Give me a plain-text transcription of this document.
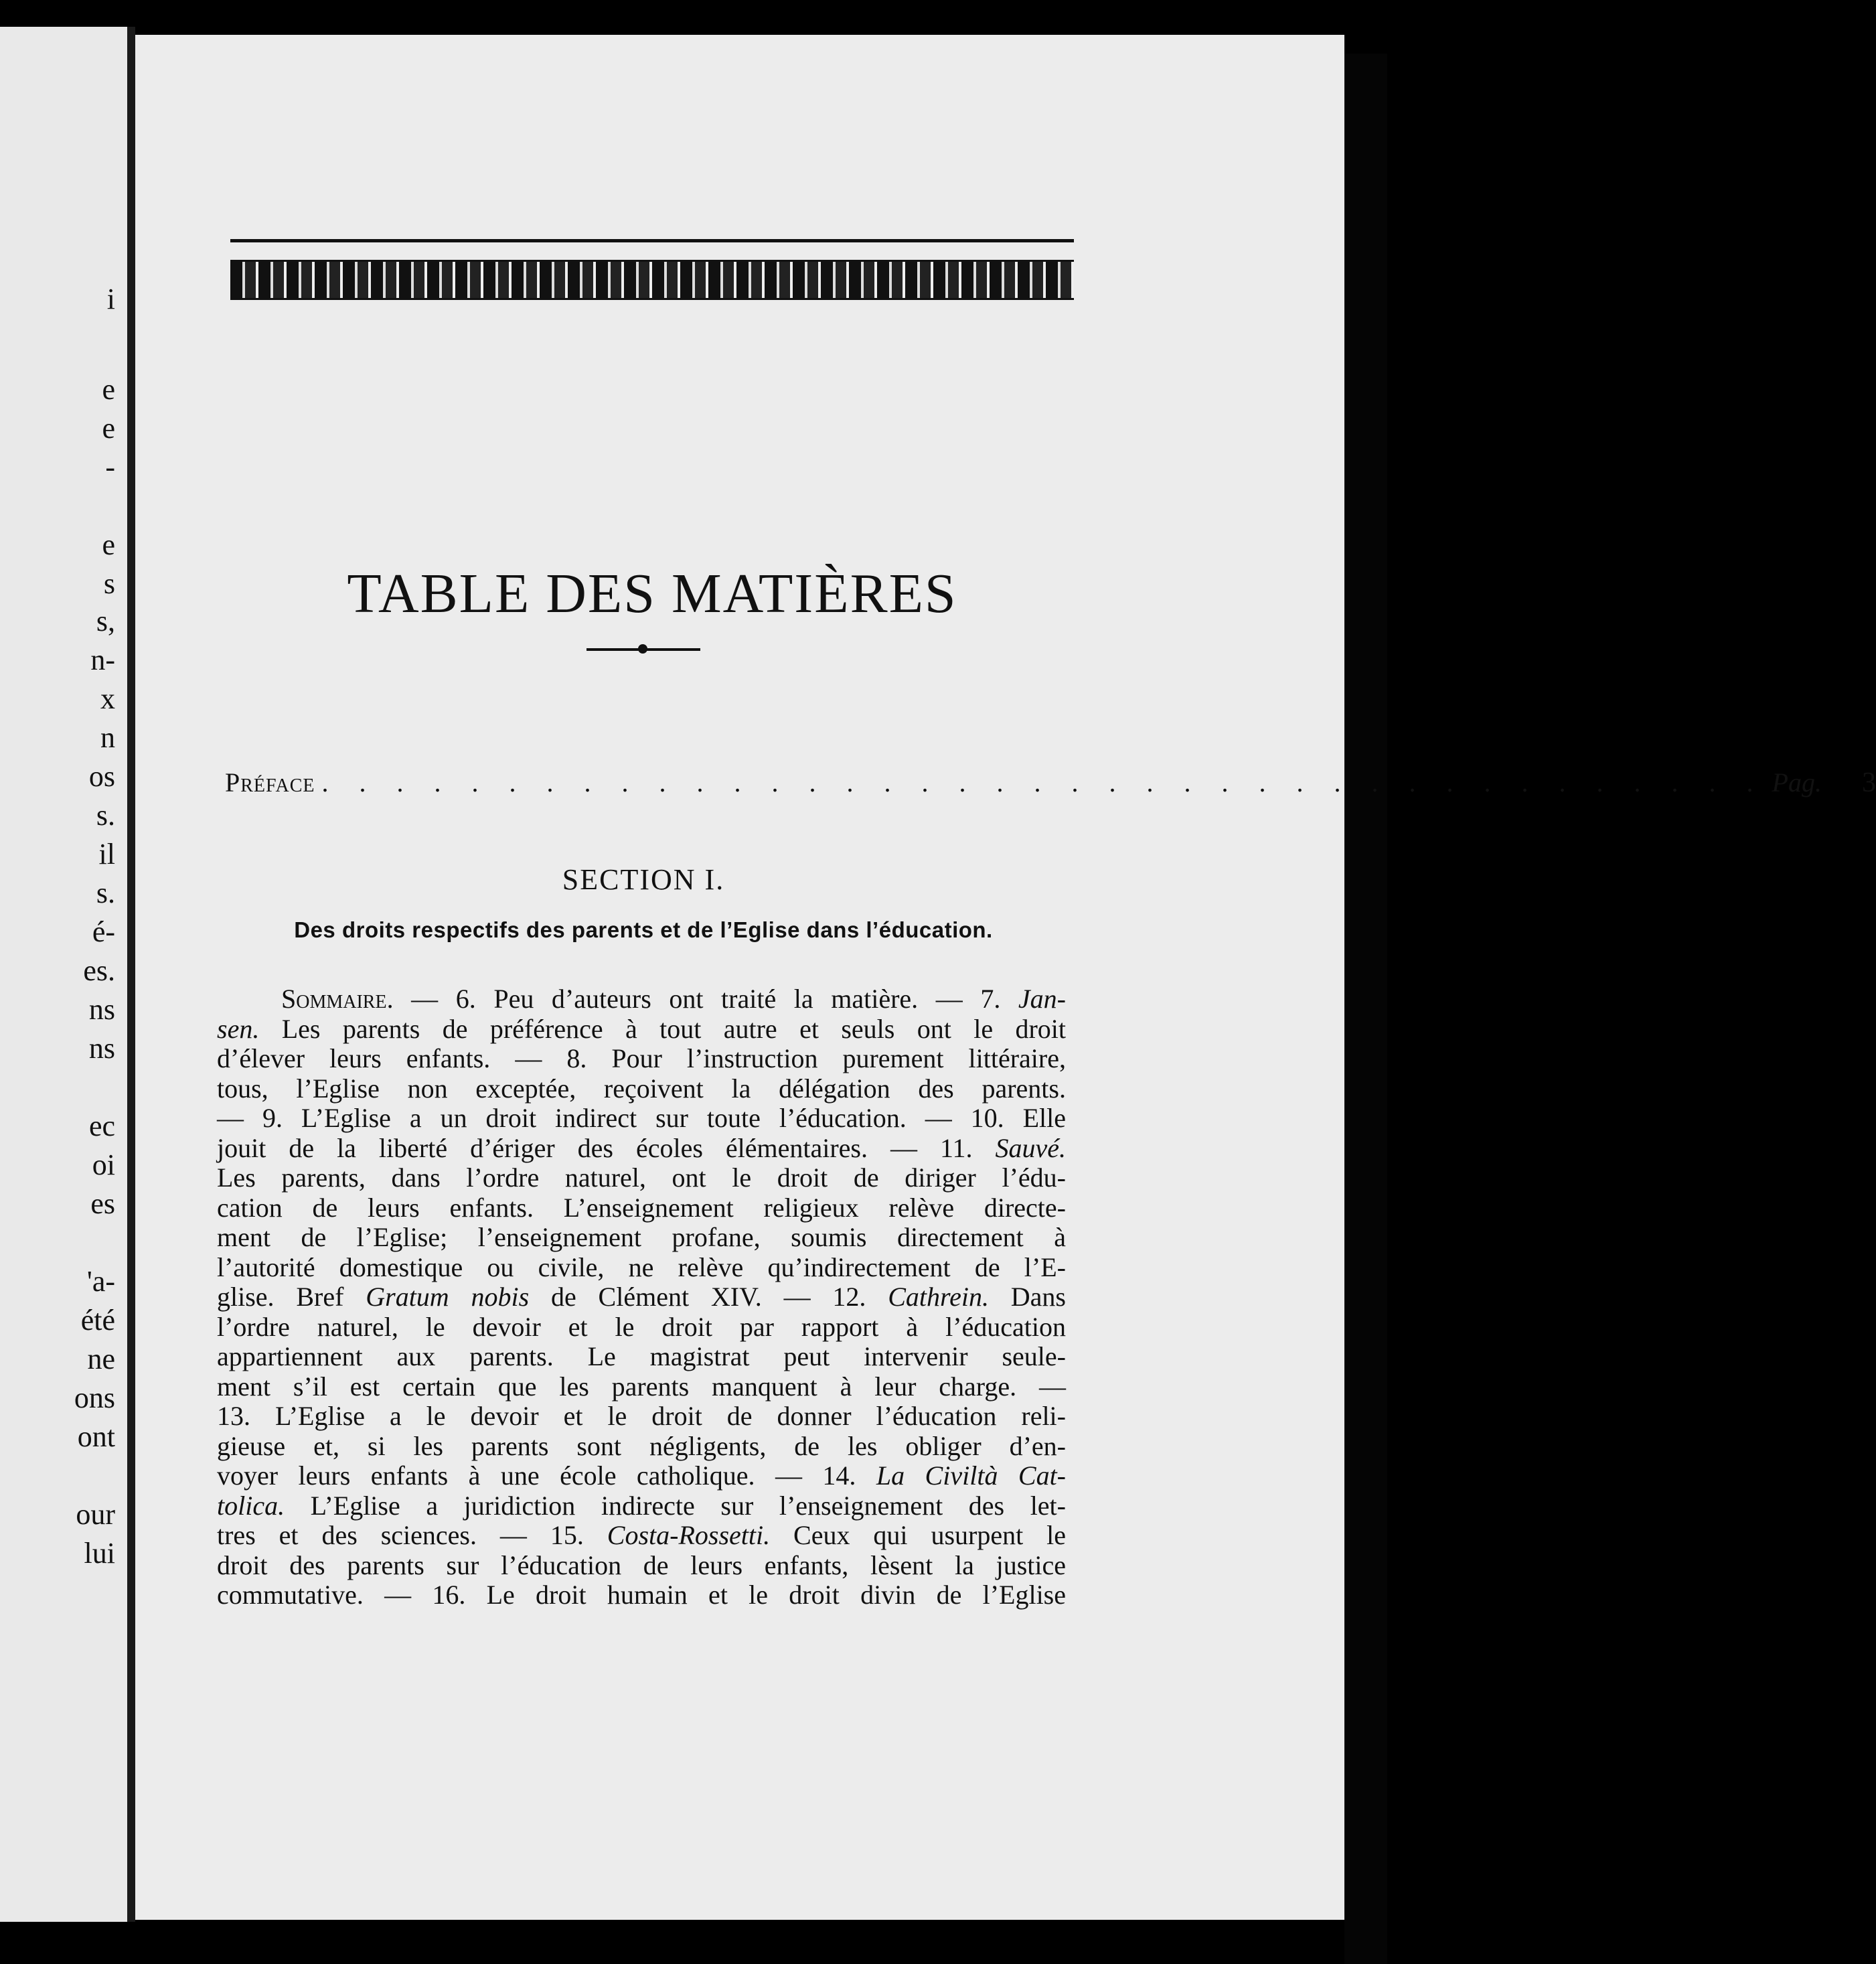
i
e
e
-
e
s
s,
n-
x
n
os
s.
il
s.
é-
es.
ns
ns
ec
oi
es
'a-
été
ne
ons
ont
our
lui
TABLE DES MATIÈRES
Préface . . . . . . . . . . . . . . . . . . . . . . . . . . . . . . . . . . . . . . . Pag. 3
SECTION I.
Des droits respectifs des parents et de l’Eglise dans l’éducation.
Sommaire. — 6. Peu d’auteurs ont traité la matière. — 7. Jan-
sen. Les parents de préférence à tout autre et seuls ont le droit
d’élever leurs enfants. — 8. Pour l’instruction purement littéraire,
tous, l’Eglise non exceptée, reçoivent la délégation des parents.
— 9. L’Eglise a un droit indirect sur toute l’éducation. — 10. Elle
jouit de la liberté d’ériger des écoles élémentaires. — 11. Sauvé.
Les parents, dans l’ordre naturel, ont le droit de diriger l’édu-
cation de leurs enfants. L’enseignement religieux relève directe-
ment de l’Eglise; l’enseignement profane, soumis directement à
l’autorité domestique ou civile, ne relève qu’indirectement de l’E-
glise. Bref Gratum nobis de Clément XIV. — 12. Cathrein. Dans
l’ordre naturel, le devoir et le droit par rapport à l’éducation
appartiennent aux parents. Le magistrat peut intervenir seule-
ment s’il est certain que les parents manquent à leur charge. —
13. L’Eglise a le devoir et le droit de donner l’éducation reli-
gieuse et, si les parents sont négligents, de les obliger d’en-
voyer leurs enfants à une école catholique. — 14. La Civiltà Cat-
tolica. L’Eglise a juridiction indirecte sur l’enseignement des let-
tres et des sciences. — 15. Costa-Rossetti. Ceux qui usurpent le
droit des parents sur l’éducation de leurs enfants, lèsent la justice
commutative. — 16. Le droit humain et le droit divin de l’Eglise
